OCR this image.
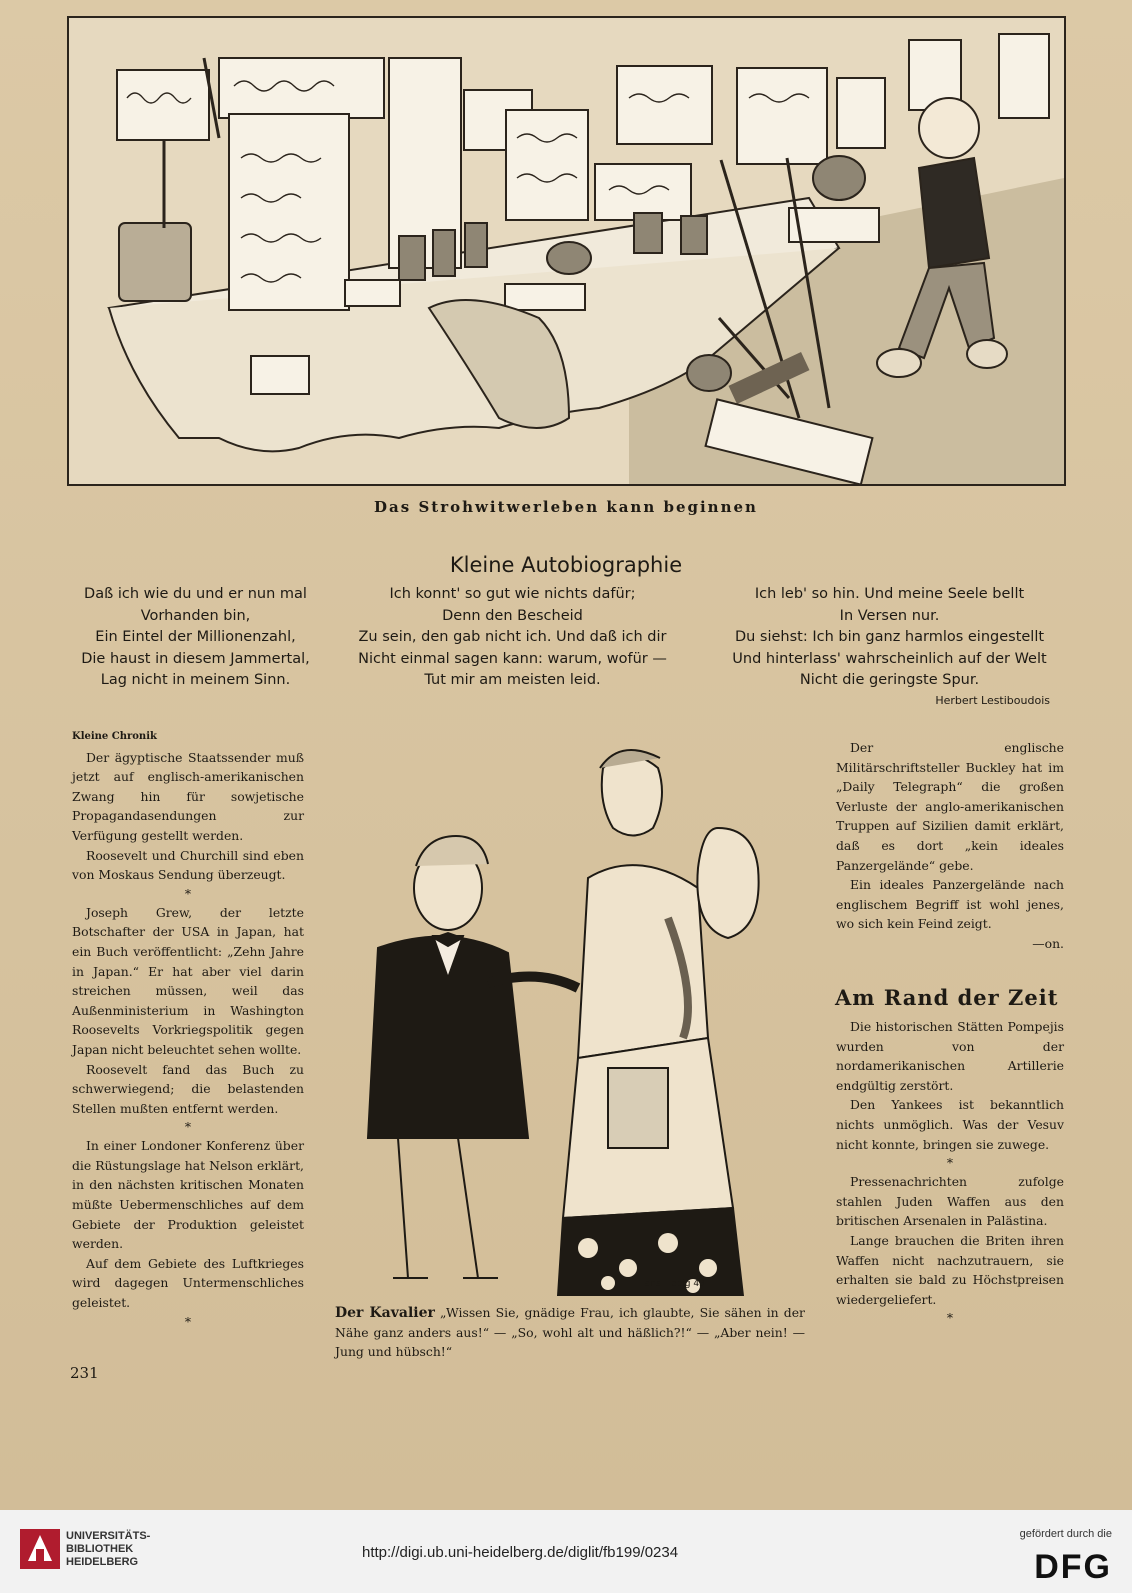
Das Strohwitwerleben kann beginnen
Kleine Autobiographie
Daß ich wie du und er nun mal
Vorhanden bin,
Ein Eintel der Millionenzahl,
Die haust in diesem Jammertal,
Lag nicht in meinem Sinn.
Ich konnt' so gut wie nichts dafür;
Denn den Bescheid
Zu sein, den gab nicht ich. Und daß ich dir
Nicht einmal sagen kann: warum, wofür —
Tut mir am meisten leid.
Ich leb' so hin. Und meine Seele bellt
In Versen nur.
Du siehst: Ich bin ganz harmlos eingestellt
Und hinterlass' wahrscheinlich auf der Welt
Nicht die geringste Spur.
Herbert Lestiboudois

Kleine Chronik

Der ägyptische Staatssender muß jetzt auf englisch-amerikanischen Zwang hin für sowjetische Propagandasendungen zur Verfügung gestellt werden.

Roosevelt und Churchill sind eben von Moskaus Sendung überzeugt.

*

Joseph Grew, der letzte Botschafter der USA in Japan, hat ein Buch veröffentlicht: „Zehn Jahre in Japan.“ Er hat aber viel darin streichen müssen, weil das Außenministerium in Washington Roosevelts Vorkriegspolitik gegen Japan nicht beleuchtet sehen wollte.

Roosevelt fand das Buch zu schwerwiegend; die belastenden Stellen mußten entfernt werden.

*

In einer Londoner Konferenz über die Rüstungslage hat Nelson erklärt, in den nächsten kritischen Monaten müßte Uebermenschliches auf dem Gebiete der Produktion geleistet werden.

Auf dem Gebiete des Luftkrieges wird dagegen Untermenschliches geleistet.

*

Hans Liebig 43
Der Kavalier „Wissen Sie, gnädige Frau, ich glaubte, Sie sähen in der Nähe ganz anders aus!“ — „So, wohl alt und häßlich?!“ — „Aber nein! — Jung und hübsch!“

Der englische Militärschriftsteller Buckley hat im „Daily Telegraph“ die großen Verluste der anglo-amerikanischen Truppen auf Sizilien damit erklärt, daß es dort „kein ideales Panzergelände“ gebe.

Ein ideales Panzergelände nach englischem Begriff ist wohl jenes, wo sich kein Feind zeigt.

—on.

Am Rand der Zeit

Die historischen Stätten Pompejis wurden von der nordamerikanischen Artillerie endgültig zerstört.

Den Yankees ist bekanntlich nichts unmöglich. Was der Vesuv nicht konnte, bringen sie zuwege.

*

Pressenachrichten zufolge stahlen Juden Waffen aus den britischen Arsenalen in Palästina.

Lange brauchen die Briten ihren Waffen nicht nachzutrauern, sie erhalten sie bald zu Höchstpreisen wiedergeliefert.

*

231
UNIVERSITÄTS-
BIBLIOTHEK
HEIDELBERG
http://digi.ub.uni-heidelberg.de/diglit/fb199/0234
gefördert durch die
DFG
